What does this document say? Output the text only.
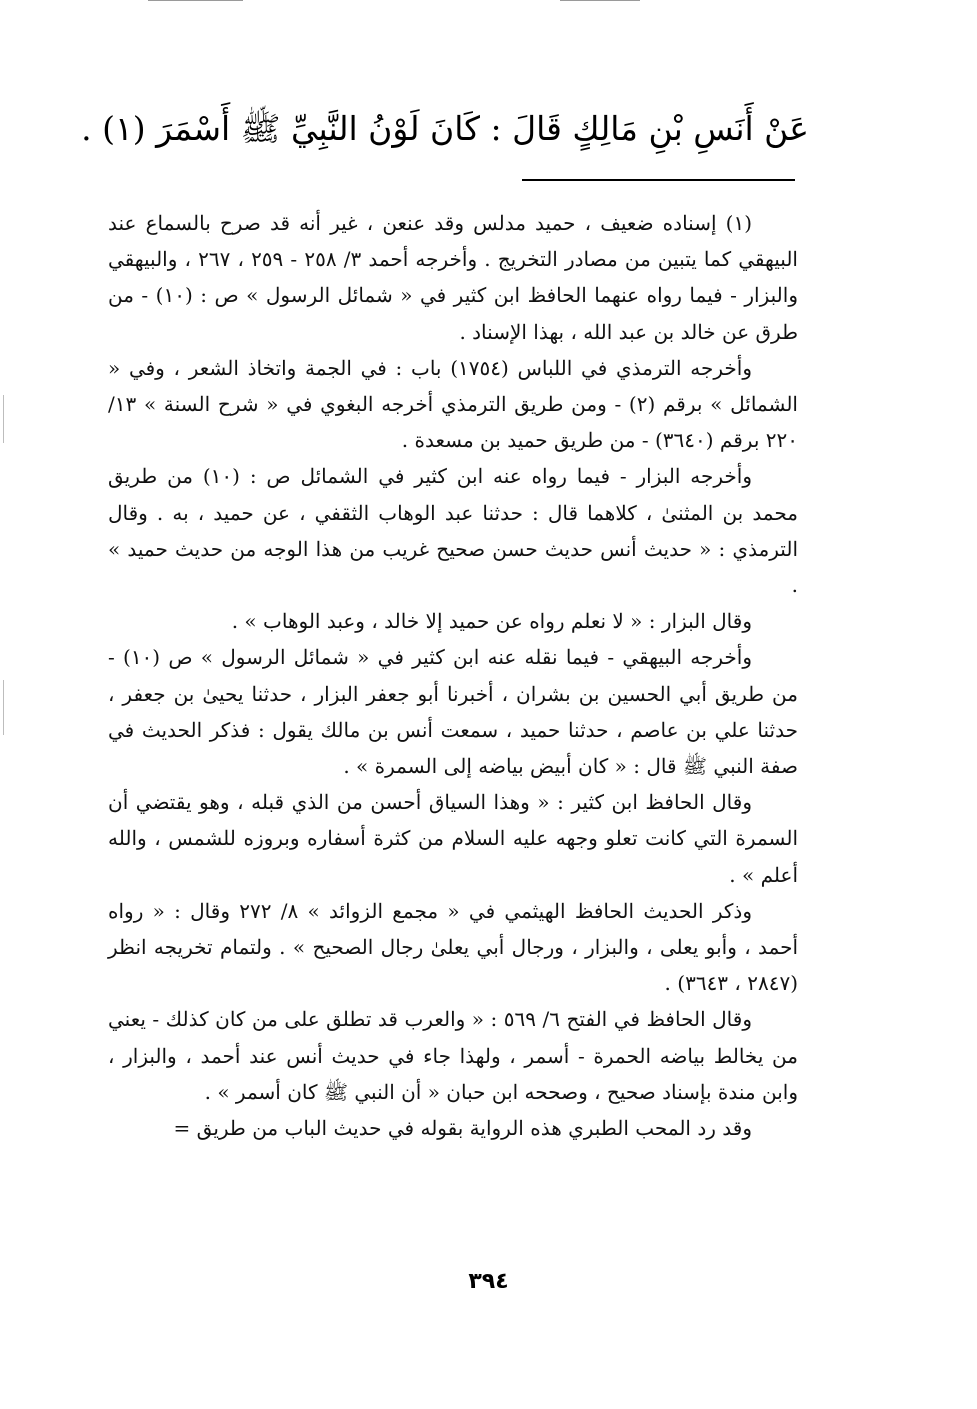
عَنْ أَنَسِ بْنِ مَالِكٍ قَالَ : كَانَ لَوْنُ النَّبِيِّ ﷺ أَسْمَرَ (١) .

(١) إسناده ضعيف ، حميد مدلس وقد عنعن ، غير أنه قد صرح بالسماع عند البيهقي كما يتبين من مصادر التخريج . وأخرجه أحمد ٣/ ٢٥٨ - ٢٥٩ ، ٢٦٧ ، والبيهقي والبزار - فيما رواه عنهما الحافظ ابن كثير في « شمائل الرسول » ص : (١٠) - من طرق عن خالد بن عبد الله ، بهذا الإسناد .

وأخرجه الترمذي في اللباس (١٧٥٤) باب : في الجمة واتخاذ الشعر ، وفي « الشمائل » برقم (٢) - ومن طريق الترمذي أخرجه البغوي في « شرح السنة » ١٣/ ٢٢٠ برقم (٣٦٤٠) - من طريق حميد بن مسعدة .

وأخرجه البزار - فيما رواه عنه ابن كثير في الشمائل ص : (١٠) من طريق محمد بن المثنىٰ ، كلاهما قال : حدثنا عبد الوهاب الثقفي ، عن حميد ، به . وقال الترمذي : « حديث أنس حديث حسن صحيح غريب من هذا الوجه من حديث حميد » .

وقال البزار : « لا نعلم رواه عن حميد إلا خالد ، وعبد الوهاب » .

وأخرجه البيهقي - فيما نقله عنه ابن كثير في « شمائل الرسول » ص (١٠) - من طريق أبي الحسين بن بشران ، أخبرنا أبو جعفر البزار ، حدثنا يحيىٰ بن جعفر ، حدثنا علي بن عاصم ، حدثنا حميد ، سمعت أنس بن مالك يقول : فذكر الحديث في صفة النبي ﷺ قال : « كان أبيض بياضه إلى السمرة » .

وقال الحافظ ابن كثير : « وهذا السياق أحسن من الذي قبله ، وهو يقتضي أن السمرة التي كانت تعلو وجهه عليه السلام من كثرة أسفاره وبروزه للشمس ، والله أعلم » .

وذكر الحديث الحافظ الهيثمي في « مجمع الزوائد » ٨/ ٢٧٢ وقال : « رواه أحمد ، وأبو يعلى ، والبزار ، ورجال أبي يعلىٰ رجال الصحيح » . ولتمام تخريجه انظر (٢٨٤٧ ، ٣٦٤٣) .

وقال الحافظ في الفتح ٦/ ٥٦٩ : « والعرب قد تطلق على من كان كذلك - يعني من يخالط بياضه الحمرة - أسمر ، ولهذا جاء في حديث أنس عند أحمد ، والبزار ، وابن مندة بإسناد صحيح ، وصححه ابن حبان « أن النبي ﷺ كان أسمر » .

وقد رد المحب الطبري هذه الرواية بقوله في حديث الباب من طريق =

٣٩٤
